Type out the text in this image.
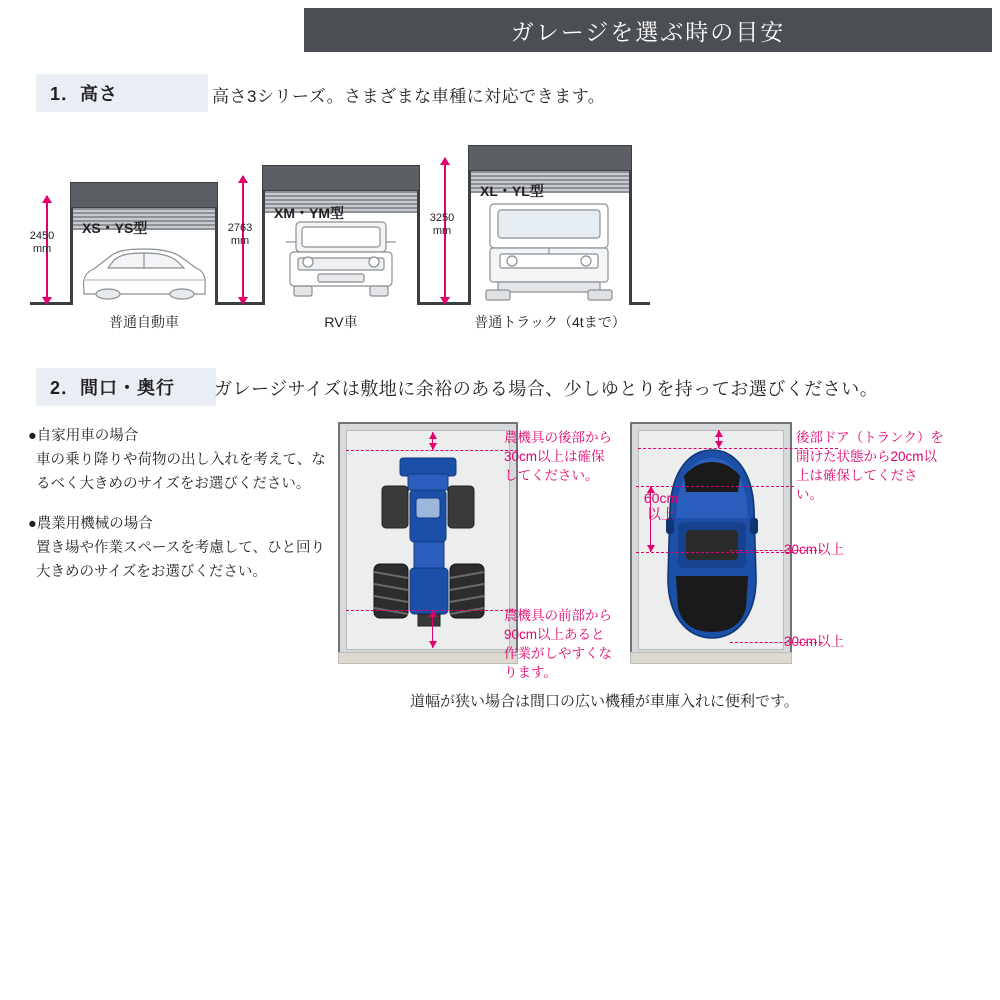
ガレージを選ぶ時の目安
1．高さ	高さ3シリーズ。さまざまな車種に対応できます。
XS・YS型
2450
mm
普通自動車
XM・YM型
2763
mm
RV車
XL・YL型
3250
mm
普通トラック（4tまで）
2．間口・奥行	ガレージサイズは敷地に余裕のある場合、少しゆとりを持ってお選びください。
●自家用車の場合
車の乗り降りや荷物の出し入れを考えて、なるべく大きめのサイズをお選びください。
●農業用機械の場合
置き場や作業スペースを考慮して、ひと回り大きめのサイズをお選びください。
農機具の後部から30cm以上は確保してください。
農機具の前部から90cm以上あると作業がしやすくなります。
後部ドア（トランク）を開けた状態から20cm以上は確保してください。
60cm
以上
30cm以上
30cm以上
道幅が狭い場合は間口の広い機種が車庫入れに便利です。
